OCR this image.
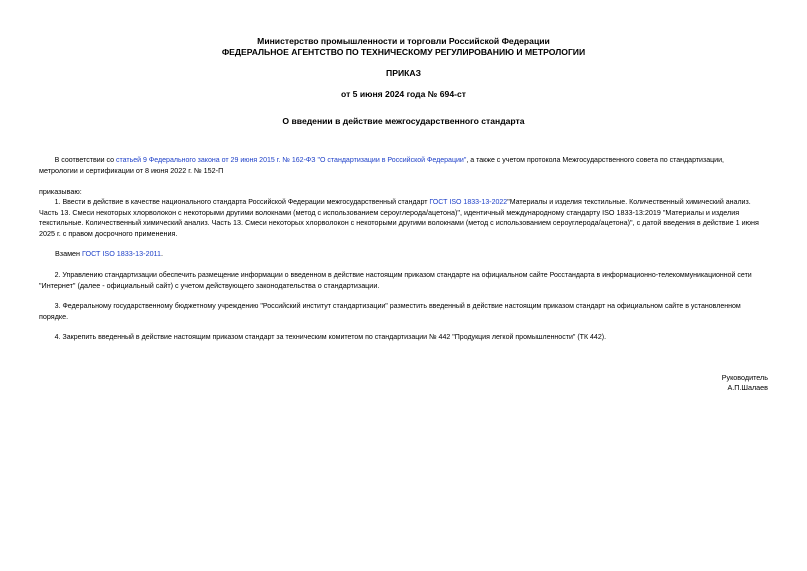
Министерство промышленности и торговли Российской Федерации
ФЕДЕРАЛЬНОЕ АГЕНТСТВО ПО ТЕХНИЧЕСКОМУ РЕГУЛИРОВАНИЮ И МЕТРОЛОГИИ
ПРИКАЗ
от 5 июня 2024 года № 694-ст
О введении в действие межгосударственного стандарта
В соответствии со статьей 9 Федерального закона от 29 июня 2015 г. № 162-ФЗ "О стандартизации в Российской Федерации", а также с учетом протокола Межгосударственного совета по стандартизации,
метрологии и сертификации от 8 июня 2022 г. № 152-П
приказываю:
1. Ввести в действие в качестве национального стандарта Российской Федерации межгосударственный стандарт ГОСТ ISO 1833-13-2022"Материалы и изделия текстильные. Количественный химический анализ.
Часть 13. Смеси некоторых хлорволокон с некоторыми другими волокнами (метод с использованием сероуглерода/ацетона)", идентичный международному стандарту ISO 1833-13:2019 "Материалы и изделия
текстильные. Количественный химический анализ. Часть 13. Смеси некоторых хлорволокон с некоторыми другими волокнами (метод с использованием сероуглерода/ацетона)", с датой введения в действие 1 июня
2025 г. с правом досрочного применения.
Взамен ГОСТ ISO 1833-13-2011.
2. Управлению стандартизации обеспечить размещение информации о введенном в действие настоящим приказом стандарте на официальном сайте Росстандарта в информационно-телекоммуникационной сети
"Интернет" (далее - официальный сайт) с учетом действующего законодательства о стандартизации.
3. Федеральному государственному бюджетному учреждению "Российский институт стандартизации" разместить введенный в действие настоящим приказом стандарт на официальном сайте в установленном
порядке.
4. Закрепить введенный в действие настоящим приказом стандарт за техническим комитетом по стандартизации № 442 "Продукция легкой промышленности" (ТК 442).
Руководитель
А.П.Шалаев
